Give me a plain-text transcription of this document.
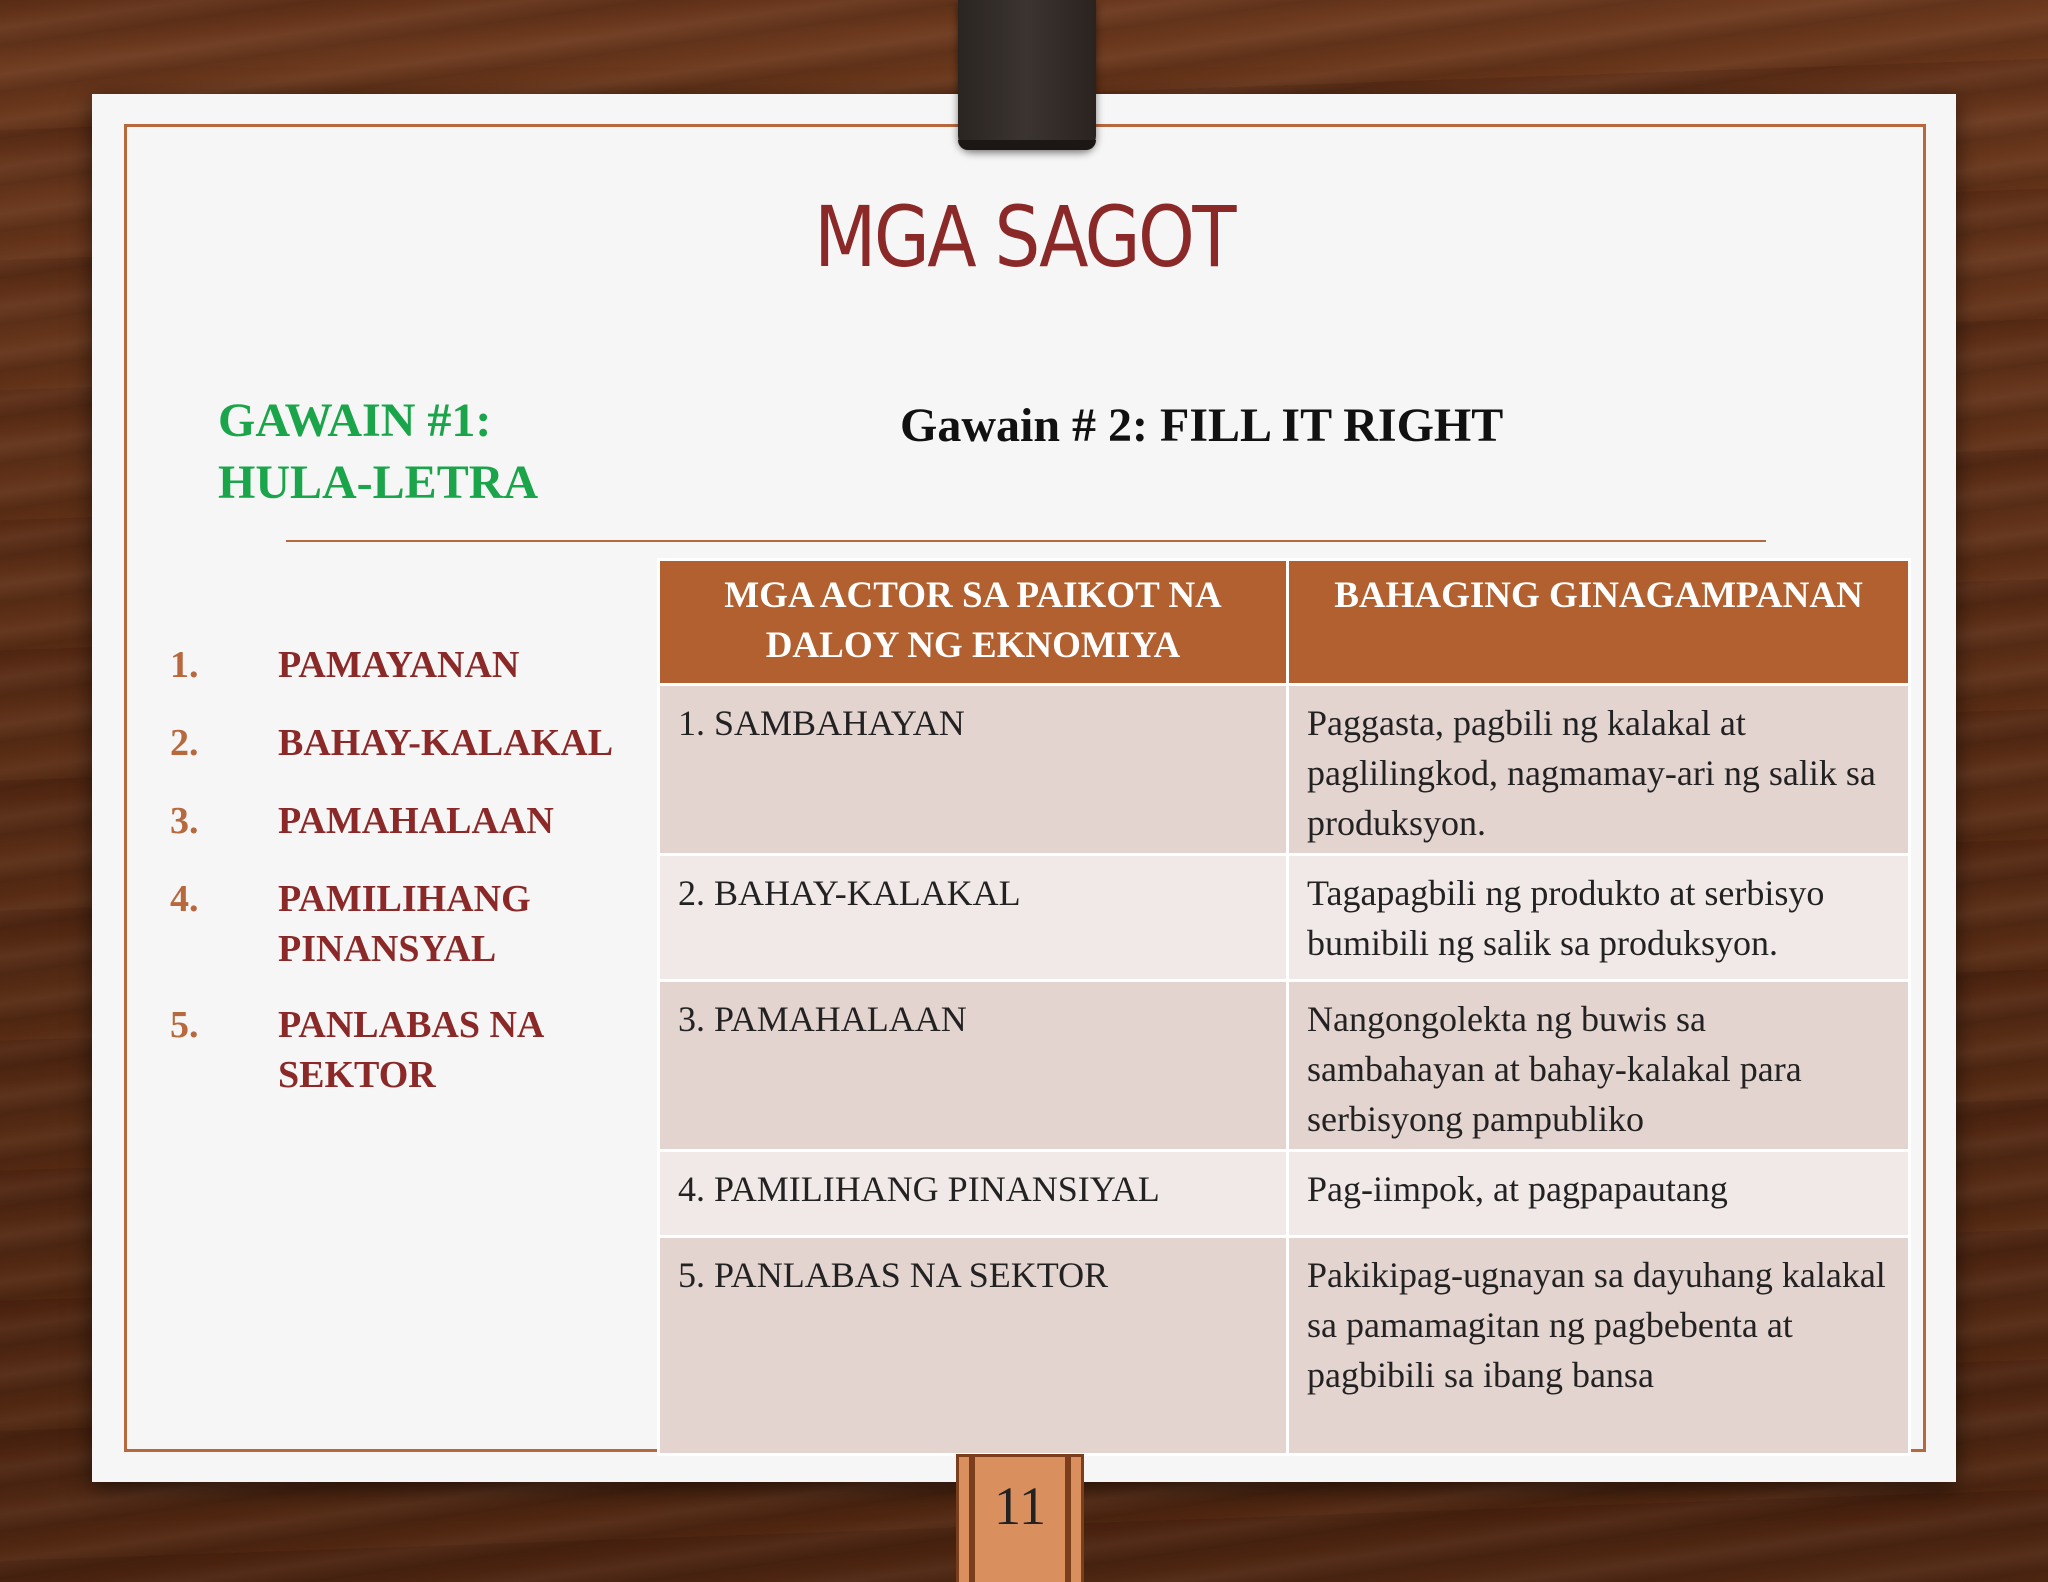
MGA SAGOT
GAWAIN #1:
HULA-LETRA
Gawain # 2: FILL IT RIGHT
1. PAMAYANAN
2. BAHAY-KALAKAL
3. PAMAHALAAN
4. PAMILIHANG PINANSYAL
5. PANLABAS NA SEKTOR
MGA ACTOR SA PAIKOT NA DALOY NG EKNOMIYA	BAHAGING GINAGAMPANAN
1. SAMBAHAYAN	Paggasta, pagbili ng kalakal at paglilingkod, nagmamay-ari ng salik sa produksyon.
2. BAHAY-KALAKAL	Tagapagbili ng produkto at serbisyo bumibili ng salik sa produksyon.
3. PAMAHALAAN	Nangongolekta ng buwis sa sambahayan at bahay-kalakal para serbisyong pampubliko
4. PAMILIHANG PINANSIYAL	Pag-iimpok, at pagpapautang
5. PANLABAS NA SEKTOR	Pakikipag-ugnayan sa dayuhang kalakal sa pamamagitan ng pagbebenta at pagbibili sa ibang bansa
11
